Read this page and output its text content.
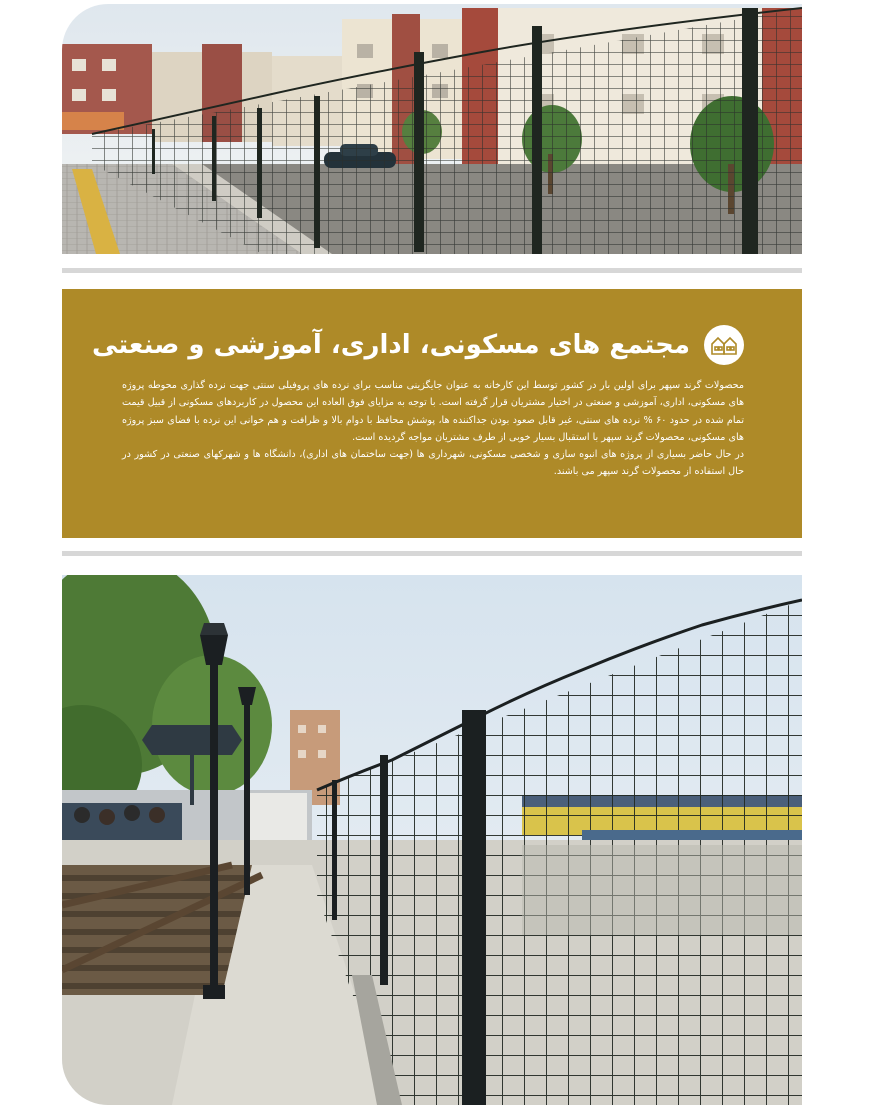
مجتمع های مسکونی، اداری، آموزشی و صنعتی

محصولات گرند سپهر برای اولین بار در کشور توسط این کارخانه به عنوان جایگزینی مناسب برای نرده های پروفیلی سنتی جهت نرده گذاری محوطه پروژه های مسکونی، اداری، آموزشی و صنعتی در اختیار مشتریان قرار گرفته است. با توجه به مزایای فوق العاده این محصول در کاربردهای مسکونی از قبیل قیمت تمام شده در حدود ۶۰ % نرده های سنتی، غیر قابل صعود بودن جداکننده ها، پوشش محافظ با دوام بالا و ظرافت و هم خوانی این نرده با فضای سبز پروژه های مسکونی، محصولات گرند سپهر با استقبال بسیار خوبی از طرف مشتریان مواجه گردیده است.

در حال حاضر بسیاری از پروژه های انبوه سازی و شخصی مسکونی، شهرداری ها (جهت ساختمان های اداری)، دانشگاه ها و شهرکهای صنعتی در کشور در حال استفاده از محصولات گرند سپهر می باشند.
